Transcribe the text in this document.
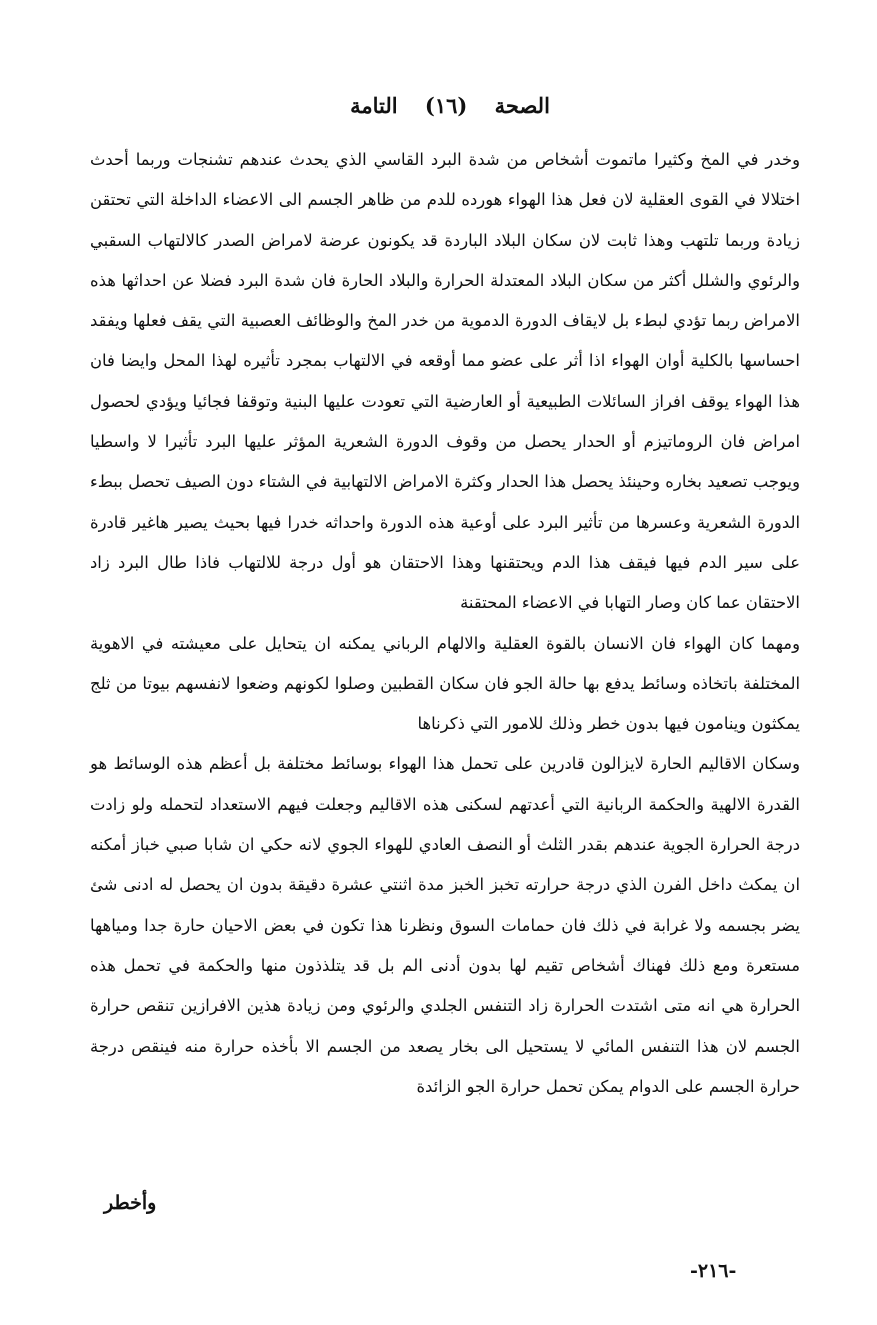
الصحة (١٦) التامة

وخدر في المخ وكثيرا ماتموت أشخاص من شدة البرد القاسي الذي يحدث عندهم تشنجات وربما أحدث اختلالا في القوى العقلية لان فعل هذا الهواء هورده للدم من ظاهر الجسم الى الاعضاء الداخلة التي تحتقن زيادة وربما تلتهب وهذا ثابت لان سكان البلاد الباردة قد يكونون عرضة لامراض الصدر كالالتهاب السقبي والرئوي والشلل أكثر من سكان البلاد المعتدلة الحرارة والبلاد الحارة فان شدة البرد فضلا عن احداثها هذه الامراض ربما تؤدي لبطء بل لايقاف الدورة الدموية من خدر المخ والوظائف العصبية التي يقف فعلها ويفقد احساسها بالكلية أوان الهواء اذا أثر على عضو مما أوقعه في الالتهاب بمجرد تأثيره لهذا المحل وايضا فان هذا الهواء يوقف افراز السائلات الطبيعية أو العارضية التي تعودت عليها البنية وتوقفا فجائيا ويؤدي لحصول امراض فان الروماتيزم أو الحدار يحصل من وقوف الدورة الشعرية المؤثر عليها البرد تأثيرا لا واسطيا ويوجب تصعيد بخاره وحينئذ يحصل هذا الحدار وكثرة الامراض الالتهابية في الشتاء دون الصيف تحصل ببطء الدورة الشعرية وعسرها من تأثير البرد على أوعية هذه الدورة واحداثه خدرا فيها بحيث يصير هاغير قادرة على سير الدم فيها فيقف هذا الدم ويحتقنها وهذا الاحتقان هو أول درجة للالتهاب فاذا طال البرد زاد الاحتقان عما كان وصار التهابا في الاعضاء المحتقنة

ومهما كان الهواء فان الانسان بالقوة العقلية والالهام الرباني يمكنه ان يتحايل على معيشته في الاهوية المختلفة باتخاذه وسائط يدفع بها حالة الجو فان سكان القطبين وصلوا لكونهم وضعوا لانفسهم بيوتا من ثلج يمكثون وينامون فيها بدون خطر وذلك للامور التي ذكرناها

وسكان الاقاليم الحارة لايزالون قادرين على تحمل هذا الهواء بوسائط مختلفة بل أعظم هذه الوسائط هو القدرة الالهية والحكمة الربانية التي أعدتهم لسكنى هذه الاقاليم وجعلت فيهم الاستعداد لتحمله ولو زادت درجة الحرارة الجوية عندهم بقدر الثلث أو النصف العادي للهواء الجوي لانه حكي ان شابا صبي خباز أمكنه ان يمكث داخل الفرن الذي درجة حرارته تخبز الخبز مدة اثنتي عشرة دقيقة بدون ان يحصل له ادنى شئ يضر بجسمه ولا غرابة في ذلك فان حمامات السوق ونظرنا هذا تكون في بعض الاحيان حارة جدا ومياهها مستعرة ومع ذلك فهناك أشخاص تقيم لها بدون أدنى الم بل قد يتلذذون منها والحكمة في تحمل هذه الحرارة هي انه متى اشتدت الحرارة زاد التنفس الجلدي والرئوي ومن زيادة هذين الافرازين تنقص حرارة الجسم لان هذا التنفس المائي لا يستحيل الى بخار يصعد من الجسم الا بأخذه حرارة منه فينقص درجة حرارة الجسم على الدوام يمكن تحمل حرارة الجو الزائدة

وأخطر
-٢١٦-
